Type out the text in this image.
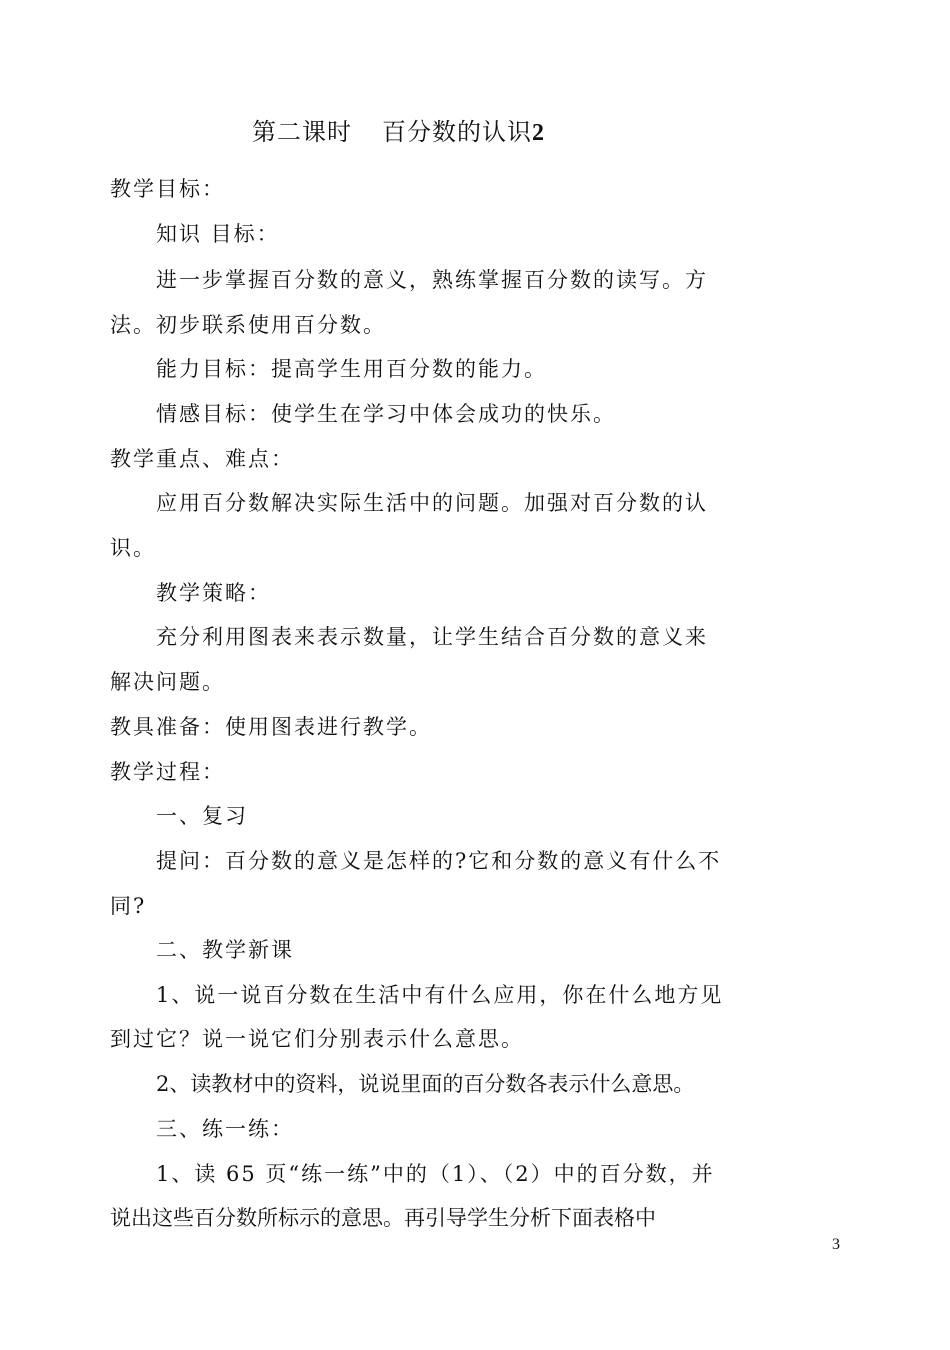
第二课时 百分数的认识2
教学目标：
知识 目标：
进一步掌握百分数的意义，熟练掌握百分数的读写。方
法。初步联系使用百分数。
能力目标：提高学生用百分数的能力。
情感目标：使学生在学习中体会成功的快乐。
教学重点、难点：
应用百分数解决实际生活中的问题。加强对百分数的认
识。
教学策略：
充分利用图表来表示数量，让学生结合百分数的意义来
解决问题。
教具准备：使用图表进行教学。
教学过程：
一、复习
提问：百分数的意义是怎样的?它和分数的意义有什么不
同?
二、教学新课
1、说一说百分数在生活中有什么应用，你在什么地方见
到过它？说一说它们分别表示什么意思。
2、读教材中的资料，说说里面的百分数各表示什么意思。
三、练一练：
1、读 65 页“练一练”中的（1）、（2）中的百分数，并
说出这些百分数所标示的意思。再引导学生分析下面表格中
3
